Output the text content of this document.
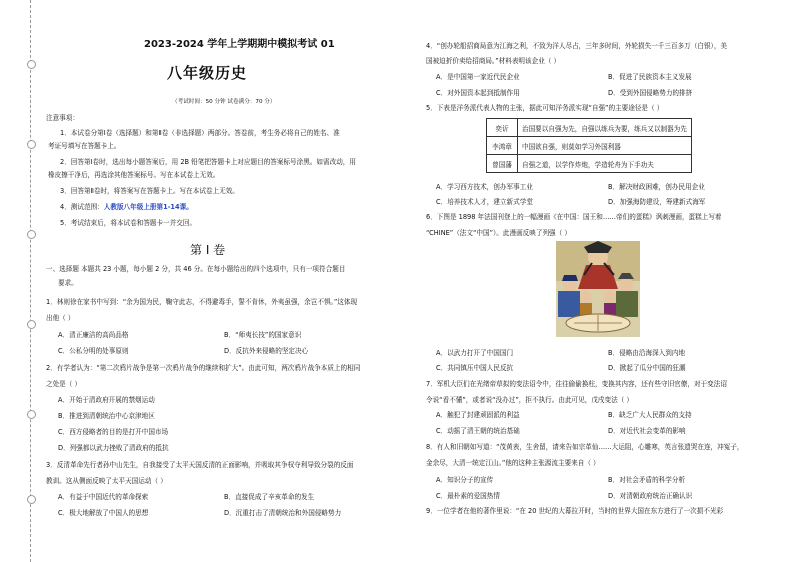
2023-2024 学年上学期期中模拟考试 01
八年级历史
（考试时间：50 分钟 试卷满分：70 分）
注意事项：
1．本试卷分第Ⅰ卷（选择题）和第Ⅱ卷（非选择题）两部分。答卷前，考生务必将自己的姓名、准
考证号填写在答题卡上。
2．回答第Ⅰ卷时，选出每小题答案后，用 2B 铅笔把答题卡上对应题目的答案标号涂黑。如需改动，用
橡皮擦干净后，再选涂其他答案标号。写在本试卷上无效。
3．回答第Ⅱ卷时，将答案写在答题卡上。写在本试卷上无效。
4．测试范围：人教版八年级上册第1-14课。
5．考试结束后，将本试卷和答题卡一并交回。
第 Ⅰ 卷
一、选择题 本题共 23 小题，每小题 2 分，共 46 分。在每小题给出的四个选项中，只有一项符合题目
要求。
1．林则徐在家书中写到：“余为国为民，鞠守此志，不得避毒手，誓不肯休，外夷虽强，余岂不惧。”这体现
出他（ ）
A．清正廉洁的高尚品格	B．“师夷长技”的国家意识
C．公私分明的处事原则	D．反抗外来侵略的坚定决心
2．有学者认为：“第二次鸦片战争是第一次鸦片战争的继续和扩大”。由此可知，两次鸦片战争本质上的相同
之处是（ ）
A．开始于清政府开展的禁烟运动
B．推进到清朝统治中心京津地区
C．西方侵略者的目的是打开中国市场
D．列强都以武力挫败了清政府的抵抗
3．反清革命先行者孙中山先生，自我接受了太平天国反清的正面影响，并吸取其争权夺利导致分裂的反面
教训。这从侧面反映了太平天国运动（ ）
A．有益于中国近代的革命探索	B．直接促成了辛亥革命的发生
C．极大地解放了中国人的思想	D．沉重打击了清朝统治和外国侵略势力
4．“创办轮船招商局意为江海之利，不致为洋人尽占，三年多时间，外轮损失一千三百多万（白银），美
国被迫折价卖给招商局。”材料表明该企业（ ）
A．是中国第一家近代民企业	B．促进了民族资本主义发展
C．对外国资本起到抵制作用	D．受到外国侵略势力的排挤
5．下表是洋务派代表人物的主张，据此可知洋务派实现“自强”的主要途径是（ ）
奕䜣	治国要以自强为先，自强以练兵为要，练兵又以制器为先
李鸿章	中国欲自强，则莫如学习外国利器
曾国藩	自强之道，以学作炸炮，学造轮舟为下手功夫
A．学习西方技术，创办军事工业	B．解决财政困难，创办民用企业
C．培养技术人才，建立新式学堂	D．加强海防建设，筹建新式海军
6．下图是 1898 年法国刊登上的一幅漫画《在中国：国王和……帝们的蛋糕》讽刺漫画，蛋糕上写着
“CHINE”（法文“中国”）。此漫画反映了列强（ ）
A．以武力打开了中国国门	B．侵略由沿海深入到内地
C．共同镇压中国人民反抗	D．掀起了瓜分中国的狂潮
7．军机大臣们在光绪帝草拟的变法诏令中，往往偷偷换柱，变换其内容，还有些守旧官僚，对于变法诏
令说“看不懂”，或者说“没办过”，拒不执行。由此可见，戊戌变法（ ）
A．触犯了封建顽固派的利益	B．缺乏广大人民群众的支持
C．动摇了清王朝的统治基础	D．对近代社会变革的影响
8．有人和旧朝如写道：“茂黄表，生舍留，请来告如宗革仙……大运阻，心雕寒，英言张遗哭在连，冲冤子，
金余尽，大清一统定江山。”他的这种主张源流主要来自（ ）
A．知识分子的宣传	B．对社会矛盾的科学分析
C．最朴素的爱国热情	D．对清朝政府统治正确认识
9．一位学者在他的著作里说：“在 20 世纪的大幕拉开时，当时的世界大国在东方进行了一次损不光彩
